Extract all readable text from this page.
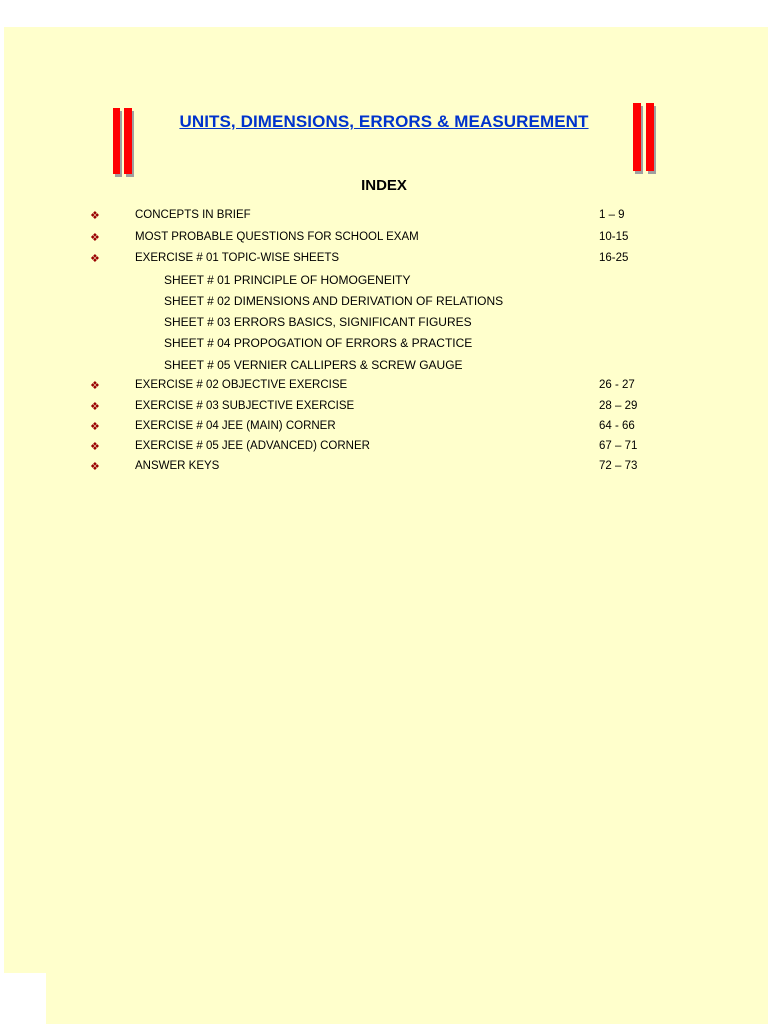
UNITS, DIMENSIONS, ERRORS & MEASUREMENT
INDEX
❖	CONCEPTS IN BRIEF	1 – 9
❖	MOST PROBABLE QUESTIONS FOR SCHOOL EXAM	10-15
❖	EXERCISE # 01 TOPIC-WISE SHEETS	16-25
SHEET # 01 PRINCIPLE OF HOMOGENEITY
SHEET # 02 DIMENSIONS AND DERIVATION OF RELATIONS
SHEET # 03 ERRORS BASICS, SIGNIFICANT FIGURES
SHEET # 04 PROPOGATION OF ERRORS & PRACTICE
SHEET # 05 VERNIER CALLIPERS & SCREW GAUGE
❖	EXERCISE # 02 OBJECTIVE EXERCISE	26 - 27
❖	EXERCISE # 03 SUBJECTIVE EXERCISE	28 – 29
❖	EXERCISE # 04 JEE (MAIN) CORNER	64 - 66
❖	EXERCISE # 05 JEE (ADVANCED) CORNER	67 – 71
❖	ANSWER KEYS	72 – 73
